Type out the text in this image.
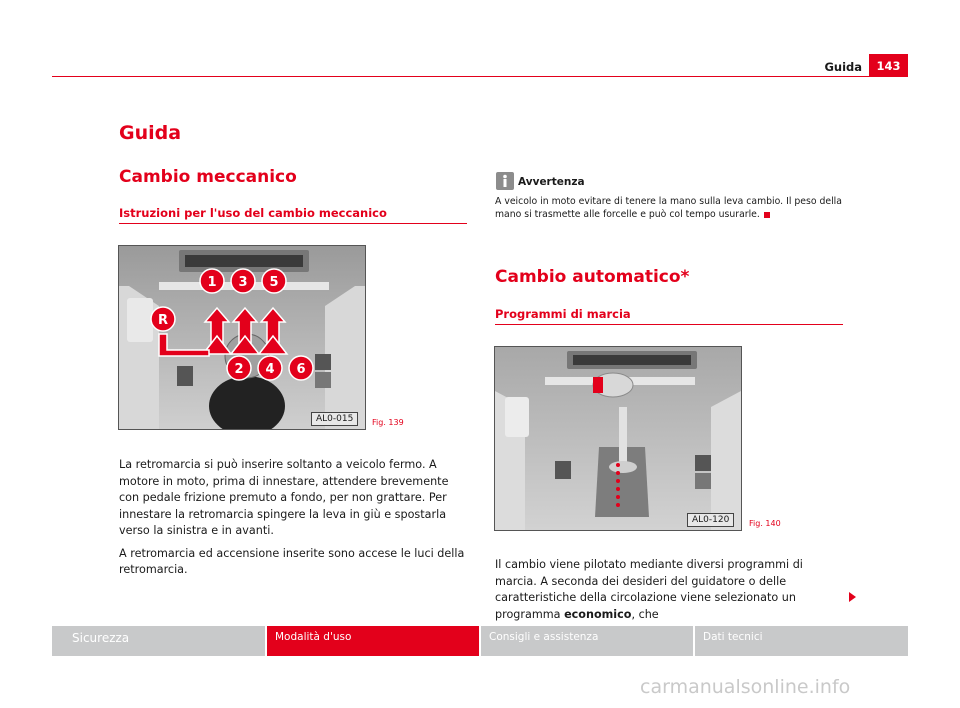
Guida	143
Guida
Cambio meccanico
Istruzioni per l'uso del cambio meccanico
1 3 5
R
2 4 6
AL0-015	Fig. 139

La retromarcia si può inserire soltanto a veicolo fermo. A motore in moto, prima di innestare, attendere brevemente con pedale frizione premuto a fondo, per non grattare. Per innestare la retromarcia spingere la leva in giù e spostarla verso la sinistra e in avanti.

A retromarcia ed accensione inserite sono accese le luci della retromarcia.

Avvertenza
A veicolo in moto evitare di tenere la mano sulla leva cambio. Il peso della mano si trasmette alle forcelle e può col tempo usurarle.
Cambio automatico*
Programmi di marcia
AL0-120	Fig. 140

Il cambio viene pilotato mediante diversi programmi di marcia. A seconda dei desideri del guidatore o delle caratteristiche della circolazione viene selezionato un programma economico, che

Sicurezza	Modalità d'uso	Consigli e assistenza	Dati tecnici
carmanualsonline.info
